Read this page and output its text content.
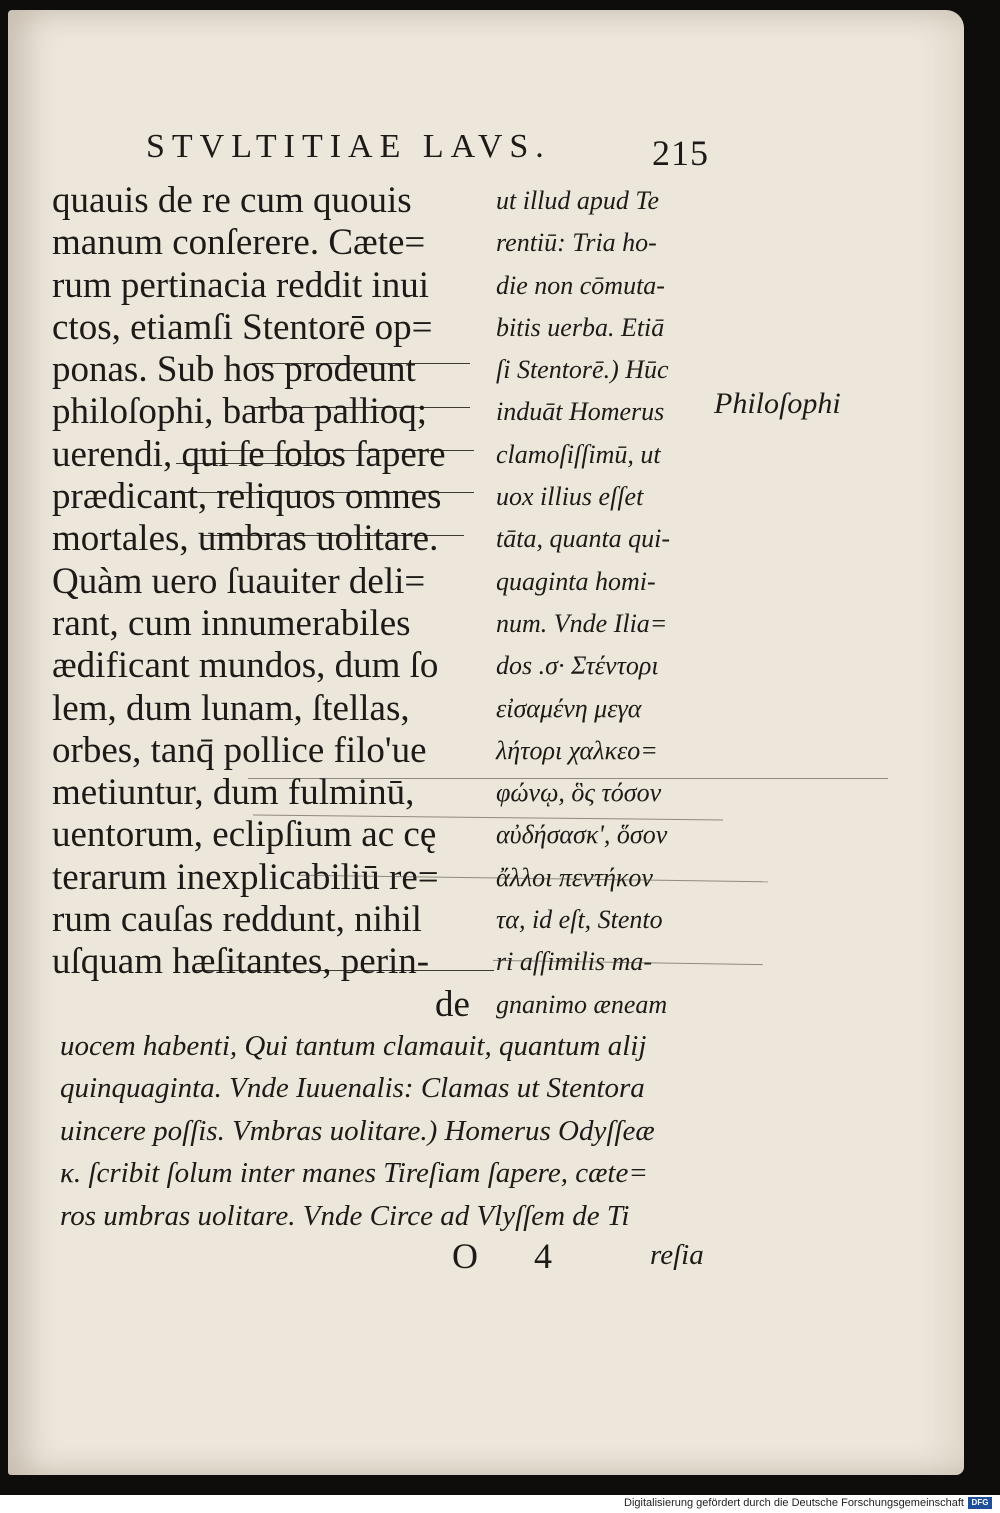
STVLTITIAE LAVS.	215
quauis de re cum quouis
manum conſerere. Cæte=
rum pertinacia reddit inui
ctos, etiamſi Stentorē op=
ponas. Sub hos prodeunt
philoſophi, barba pallioq;
uerendi, qui ſe ſolos ſapere
prædicant, reliquos omnes
mortales, umbras uolitare.
Quàm uero ſuauiter deli=
rant, cum innumerabiles
ædificant mundos, dum ſo
lem, dum lunam, ſtellas,
orbes, tanq̄ pollice filo'ue
metiuntur, dum fulminū,
uentorum, eclipſium ac cę
terarum inexplicabiliū re=
rum cauſas reddunt, nihil
uſquam hæſitantes, perin-
de
ut illud apud Te
rentiū: Tria ho-
die non cōmuta-
bitis uerba. Etiā
ſi Stentorē.) Hūc
induāt Homerus
clamoſiſſimū, ut
uox illius eſſet
tāta, quanta qui-
quaginta homi-
num. Vnde Ilia=
dos .σ· Στέντορι
εἰσαμένη μεγα
λήτορι χαλκεο=
φώνῳ, ὃς τόσον
αὐδήσασκ', ὅσον
ἄλλοι πεντήκον
τα, id eſt, Stento
ri aſſimilis ma-
gnanimo æneam
Philoſophi
uocem habenti, Qui tantum clamauit, quantum alij
quinquaginta. Vnde Iuuenalis: Clamas ut Stentora
uincere poſſis. Vmbras uolitare.) Homerus Odyſſeæ
κ. ſcribit ſolum inter manes Tireſiam ſapere, cæte=
ros umbras uolitare. Vnde Circe ad Vlyſſem de Ti
O 4	reſia
Digitalisierung gefördert durch die Deutsche Forschungsgemeinschaft DFG
